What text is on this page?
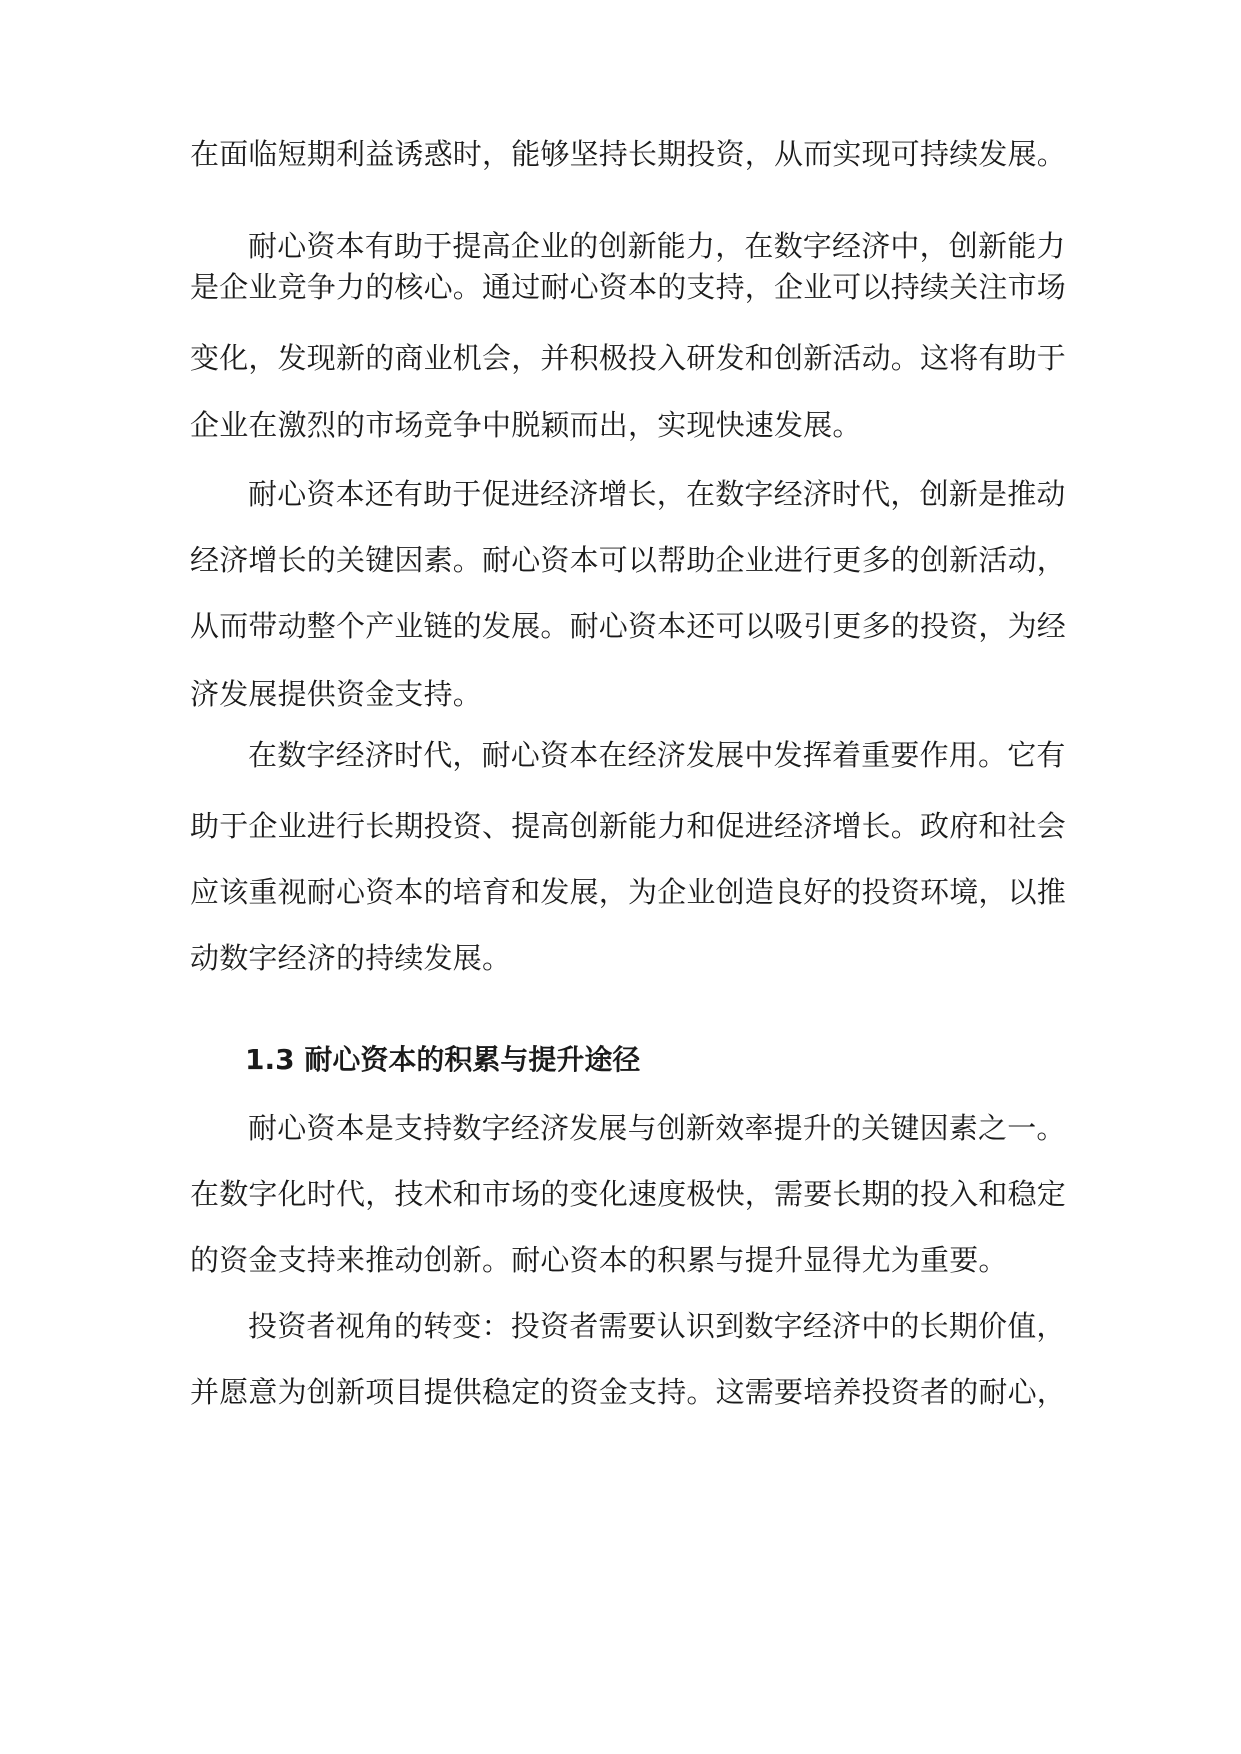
在面临短期利益诱惑时，能够坚持长期投资，从而实现可持续发展。
耐心资本有助于提高企业的创新能力，在数字经济中，创新能力
是企业竞争力的核心。通过耐心资本的支持，企业可以持续关注市场
变化，发现新的商业机会，并积极投入研发和创新活动。这将有助于
企业在激烈的市场竞争中脱颖而出，实现快速发展。
耐心资本还有助于促进经济增长，在数字经济时代，创新是推动
经济增长的关键因素。耐心资本可以帮助企业进行更多的创新活动，
从而带动整个产业链的发展。耐心资本还可以吸引更多的投资，为经
济发展提供资金支持。
在数字经济时代，耐心资本在经济发展中发挥着重要作用。它有
助于企业进行长期投资、提高创新能力和促进经济增长。政府和社会
应该重视耐心资本的培育和发展，为企业创造良好的投资环境，以推
动数字经济的持续发展。
1.3 耐心资本的积累与提升途径
耐心资本是支持数字经济发展与创新效率提升的关键因素之一。
在数字化时代，技术和市场的变化速度极快，需要长期的投入和稳定
的资金支持来推动创新。耐心资本的积累与提升显得尤为重要。
投资者视角的转变：投资者需要认识到数字经济中的长期价值，
并愿意为创新项目提供稳定的资金支持。这需要培养投资者的耐心，
